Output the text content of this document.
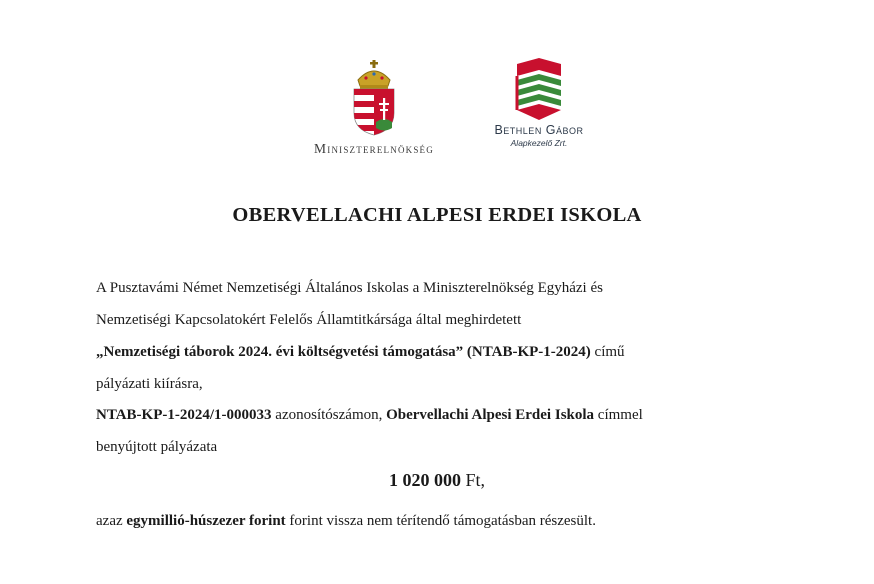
Miniszterelnökség
Bethlen Gábor
Alapkezelő Zrt.
OBERVELLACHI ALPESI ERDEI ISKOLA
A Pusztavámi Német Nemzetiségi Általános Iskolas a Miniszterelnökség Egyházi és
Nemzetiségi Kapcsolatokért Felelős Államtitkársága által meghirdetett
„Nemzetiségi táborok 2024. évi költségvetési támogatása” (NTAB-KP-1-2024) című
pályázati kiírásra,
NTAB-KP-1-2024/1-000033 azonosítószámon, Obervellachi Alpesi Erdei Iskola címmel
benyújtott pályázata
1 020 000 Ft,
azaz egymillió-húszezer forint forint vissza nem térítendő támogatásban részesült.
